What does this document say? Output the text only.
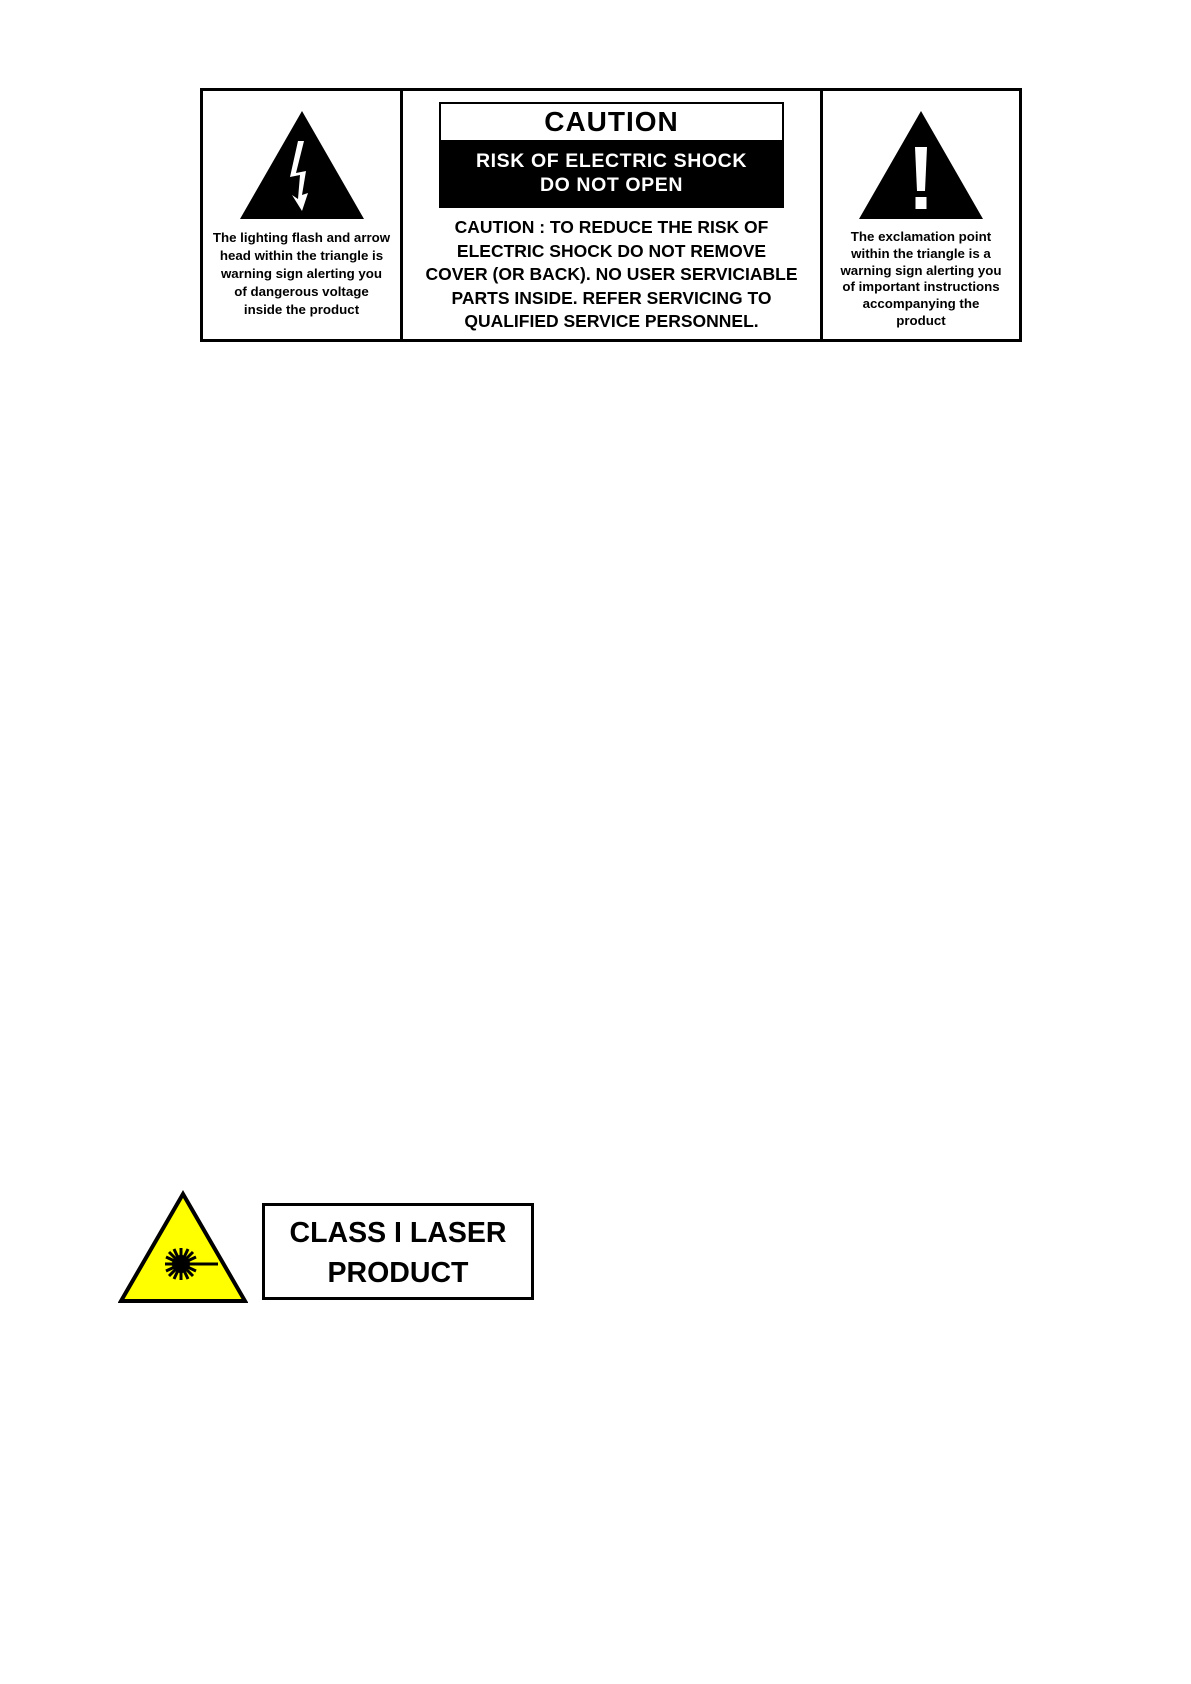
The lighting flash and arrow
head within the triangle is
warning sign alerting you
of dangerous voltage
inside the product
CAUTION
RISK OF ELECTRIC SHOCK
DO NOT OPEN
CAUTION : TO REDUCE THE RISK OF
ELECTRIC SHOCK DO NOT REMOVE
COVER (OR BACK). NO USER SERVICIABLE
PARTS INSIDE. REFER SERVICING TO
QUALIFIED SERVICE PERSONNEL.
The exclamation point
within the triangle is a
warning sign alerting you
of important instructions
accompanying the
product
CLASS I LASER
PRODUCT
